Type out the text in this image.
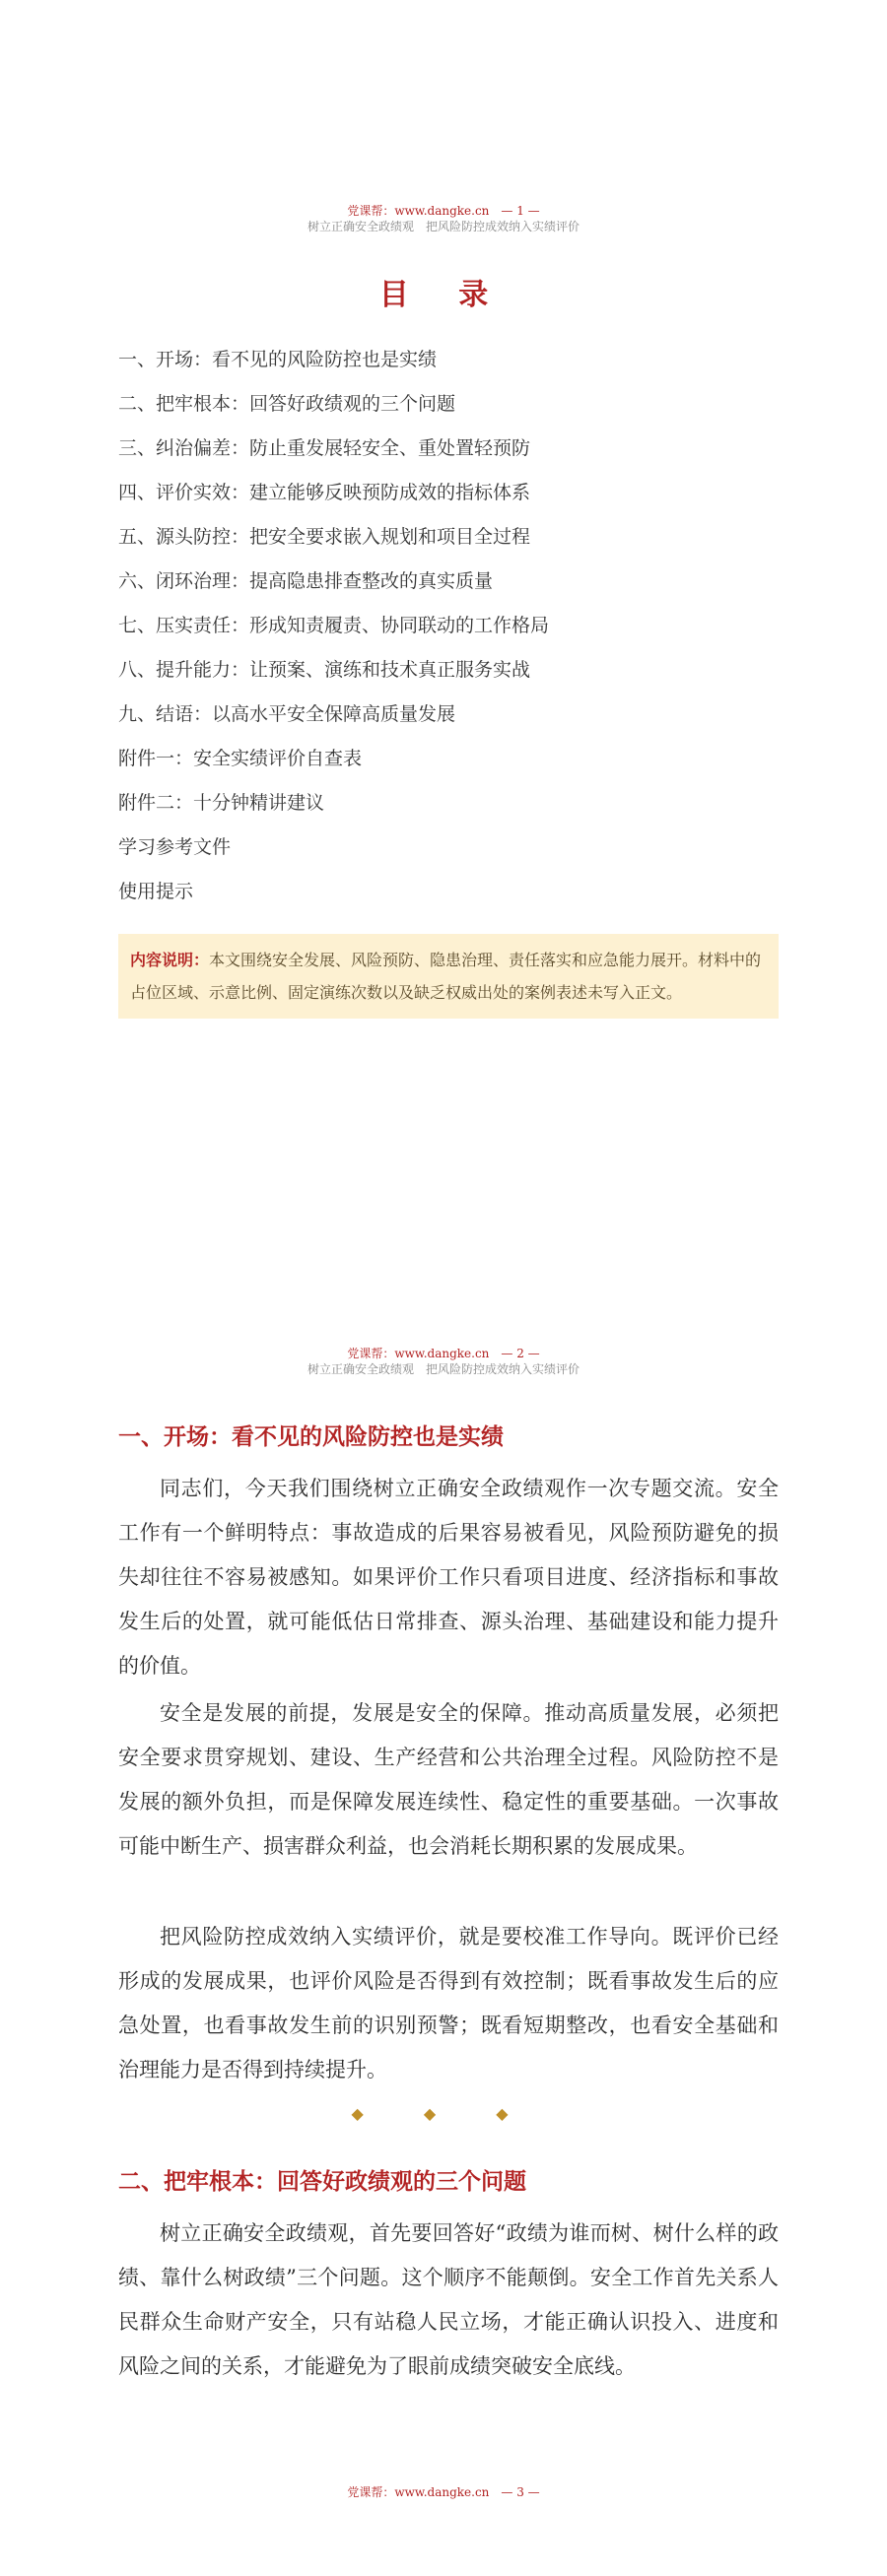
党课帮：www.dangke.cn　— 1 —
树立正确安全政绩观　把风险防控成效纳入实绩评价
目 录
一、开场：看不见的风险防控也是实绩
二、把牢根本：回答好政绩观的三个问题
三、纠治偏差：防止重发展轻安全、重处置轻预防
四、评价实效：建立能够反映预防成效的指标体系
五、源头防控：把安全要求嵌入规划和项目全过程
六、闭环治理：提高隐患排查整改的真实质量
七、压实责任：形成知责履责、协同联动的工作格局
八、提升能力：让预案、演练和技术真正服务实战
九、结语：以高水平安全保障高质量发展
附件一：安全实绩评价自查表
附件二：十分钟精讲建议
学习参考文件
使用提示
内容说明：本文围绕安全发展、风险预防、隐患治理、责任落实和应急能力展开。材料中的占位区域、示意比例、固定演练次数以及缺乏权威出处的案例表述未写入正文。
党课帮：www.dangke.cn　— 2 —
树立正确安全政绩观　把风险防控成效纳入实绩评价
一、开场：看不见的风险防控也是实绩

同志们，今天我们围绕树立正确安全政绩观作一次专题交流。安全工作有一个鲜明特点：事故造成的后果容易被看见，风险预防避免的损失却往往不容易被感知。如果评价工作只看项目进度、经济指标和事故发生后的处置，就可能低估日常排查、源头治理、基础建设和能力提升的价值。

安全是发展的前提，发展是安全的保障。推动高质量发展，必须把安全要求贯穿规划、建设、生产经营和公共治理全过程。风险防控不是发展的额外负担，而是保障发展连续性、稳定性的重要基础。一次事故可能中断生产、损害群众利益，也会消耗长期积累的发展成果。

把风险防控成效纳入实绩评价，就是要校准工作导向。既评价已经形成的发展成果，也评价风险是否得到有效控制；既看事故发生后的应急处置，也看事故发生前的识别预警；既看短期整改，也看安全基础和治理能力是否得到持续提升。

◆ ◆ ◆
二、把牢根本：回答好政绩观的三个问题

树立正确安全政绩观，首先要回答好“政绩为谁而树、树什么样的政绩、靠什么树政绩”三个问题。这个顺序不能颠倒。安全工作首先关系人民群众生命财产安全，只有站稳人民立场，才能正确认识投入、进度和风险之间的关系，才能避免为了眼前成绩突破安全底线。

党课帮：www.dangke.cn　— 3 —
